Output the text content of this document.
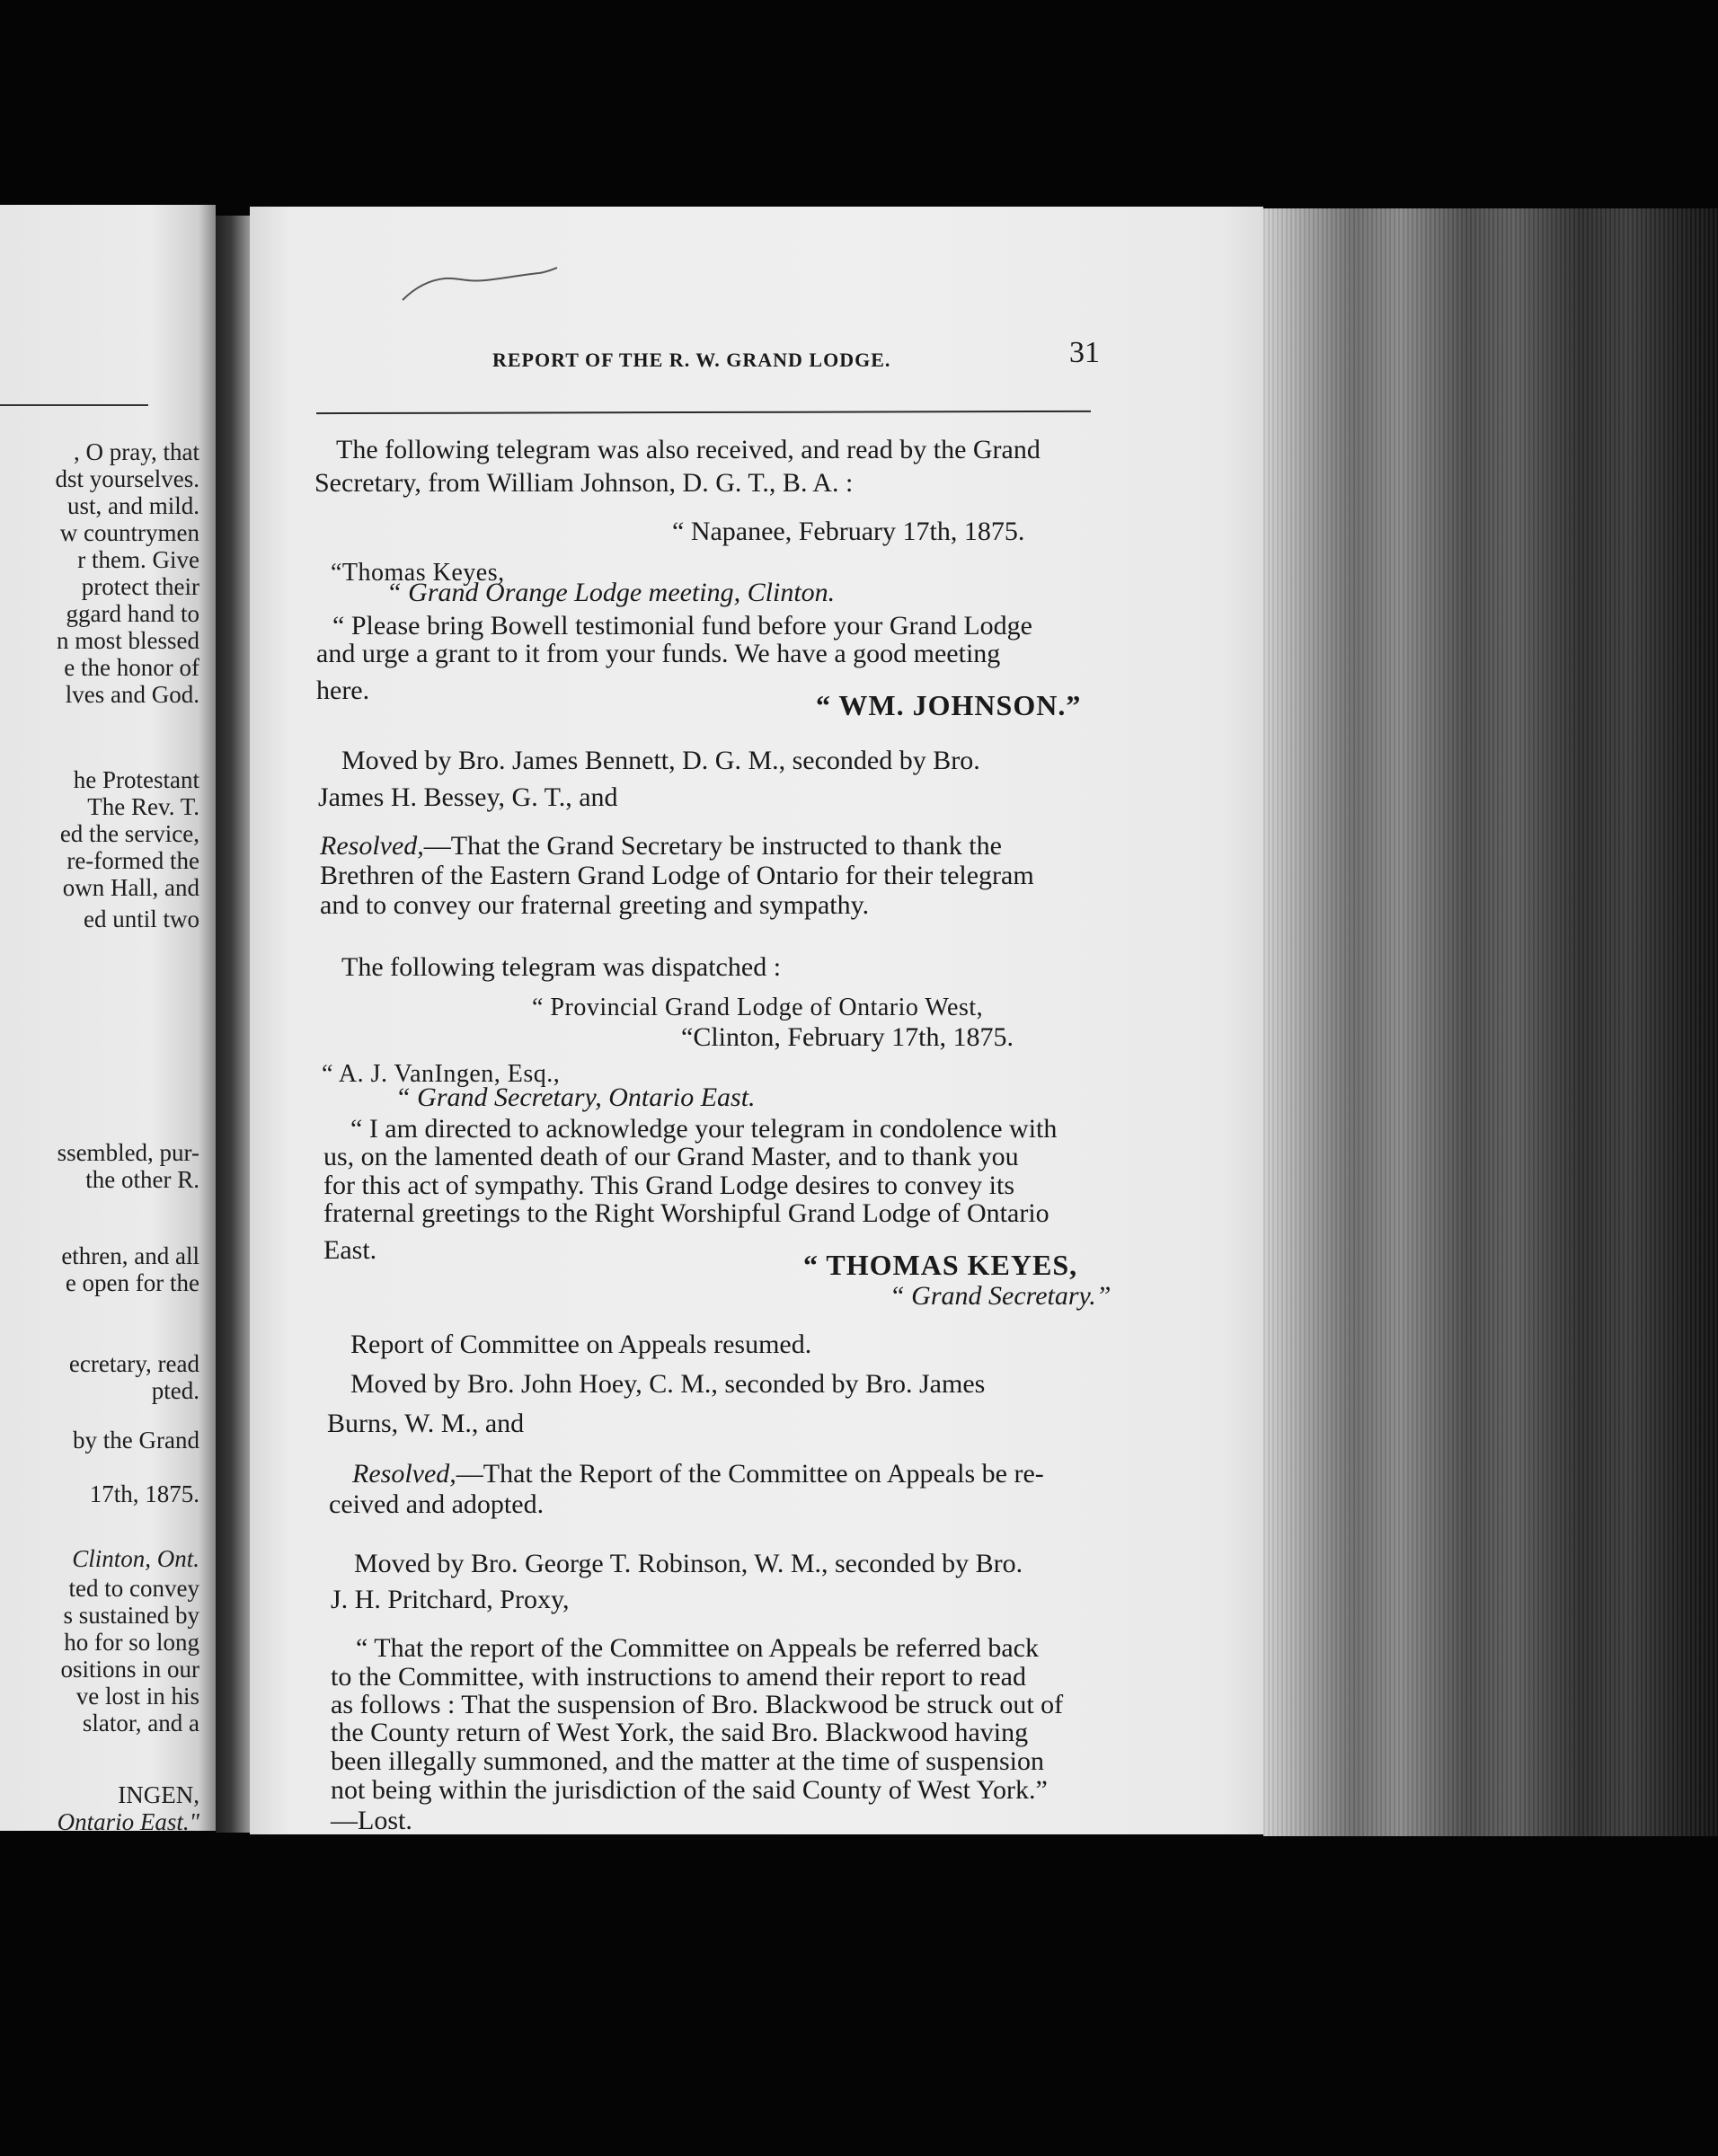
, O pray, that
dst yourselves.
ust, and mild.
w countrymen
r them. Give
protect their
ggard hand to
n most blessed
e the honor of
lves and God.
he Protestant
The Rev. T.
ed the service,
re-formed the
own Hall, and
ed until two
ssembled, pur-
the other R.
ethren, and all
e open for the
ecretary, read
pted.
by the Grand
17th, 1875.
Clinton, Ont.
ted to convey
s sustained by
ho for so long
ositions in our
ve lost in his
slator, and a
INGEN,
Ontario East."
REPORT OF THE R. W. GRAND LODGE.	31
The following telegram was also received, and read by the Grand
Secretary, from William Johnson, D. G. T., B. A. :
“ Napanee, February 17th, 1875.
“Thomas Keyes,
“ Grand Orange Lodge meeting, Clinton.
“ Please bring Bowell testimonial fund before your Grand Lodge
and urge a grant to it from your funds. We have a good meeting
here.	“ WM. JOHNSON.”
Moved by Bro. James Bennett, D. G. M., seconded by Bro.
James H. Bessey, G. T., and
Resolved,—That the Grand Secretary be instructed to thank the
Brethren of the Eastern Grand Lodge of Ontario for their telegram
and to convey our fraternal greeting and sympathy.
The following telegram was dispatched :
“ Provincial Grand Lodge of Ontario West,
“Clinton, February 17th, 1875.
“ A. J. VanIngen, Esq.,
“ Grand Secretary, Ontario East.
“ I am directed to acknowledge your telegram in condolence with
us, on the lamented death of our Grand Master, and to thank you
for this act of sympathy. This Grand Lodge desires to convey its
fraternal greetings to the Right Worshipful Grand Lodge of Ontario
East.	“ THOMAS KEYES,
“ Grand Secretary.”
Report of Committee on Appeals resumed.
Moved by Bro. John Hoey, C. M., seconded by Bro. James
Burns, W. M., and
Resolved,—That the Report of the Committee on Appeals be re-
ceived and adopted.
Moved by Bro. George T. Robinson, W. M., seconded by Bro.
J. H. Pritchard, Proxy,
“ That the report of the Committee on Appeals be referred back
to the Committee, with instructions to amend their report to read
as follows : That the suspension of Bro. Blackwood be struck out of
the County return of West York, the said Bro. Blackwood having
been illegally summoned, and the matter at the time of suspension
not being within the jurisdiction of the said County of West York.”
—Lost.
